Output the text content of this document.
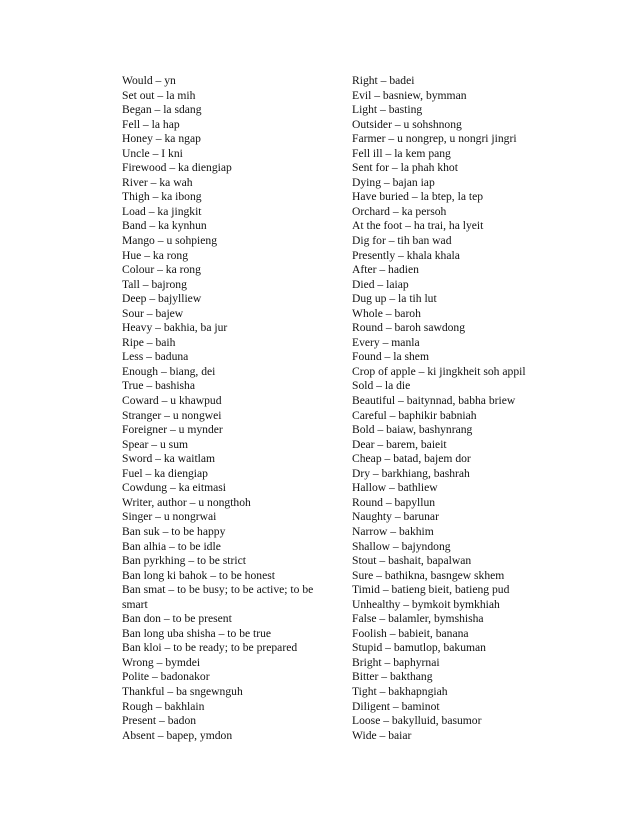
Would – yn
Set out – la mih
Began – la sdang
Fell – la hap
Honey – ka ngap
Uncle – I kni
Firewood – ka diengiap
River – ka wah
Thigh – ka ibong
Load – ka jingkit
Band – ka kynhun
Mango – u sohpieng
Hue – ka rong
Colour – ka rong
Tall – bajrong
Deep – bajylliew
Sour – bajew
Heavy – bakhia, ba jur
Ripe – baih
Less – baduna
Enough – biang, dei
True – bashisha
Coward – u khawpud
Stranger – u nongwei
Foreigner – u mynder
Spear – u sum
Sword – ka waitlam
Fuel – ka diengiap
Cowdung – ka eitmasi
Writer, author – u nongthoh
Singer – u nongrwai
Ban suk – to be happy
Ban alhia – to be idle
Ban pyrkhing – to be strict
Ban long ki bahok – to be honest
Ban smat – to be busy; to be active; to be smart
Ban don – to be present
Ban long uba shisha – to be true
Ban kloi – to be ready; to be prepared
Wrong – bymdei
Polite – badonakor
Thankful – ba sngewnguh
Rough – bakhlain
Present – badon
Absent – bapep, ymdon
Right – badei
Evil – basniew, bymman
Light – basting
Outsider – u sohshnong
Farmer – u nongrep, u nongri jingri
Fell ill – la kem pang
Sent for – la phah khot
Dying – bajan iap
Have buried – la btep, la tep
Orchard – ka persoh
At the foot – ha trai, ha lyeit
Dig for – tih ban wad
Presently – khala khala
After – hadien
Died – laiap
Dug up – la tih lut
Whole – baroh
Round – baroh sawdong
Every – manla
Found – la shem
Crop of apple – ki jingkheit soh appil
Sold – la die
Beautiful – baitynnad, babha briew
Careful – baphikir babniah
Bold – baiaw, bashynrang
Dear – barem, baieit
Cheap – batad, bajem dor
Dry – barkhiang, bashrah
Hallow – bathliew
Round – bapyllun
Naughty – barunar
Narrow – bakhim
Shallow – bajyndong
Stout – bashait, bapalwan
Sure – bathikna, basngew skhem
Timid – batieng bieit, batieng pud
Unhealthy – bymkoit bymkhiah
False – balamler, bymshisha
Foolish – babieit, banana
Stupid – bamutlop, bakuman
Bright – baphyrnai
Bitter – bakthang
Tight – bakhapngiah
Diligent – baminot
Loose – bakylluid, basumor
Wide – baiar
